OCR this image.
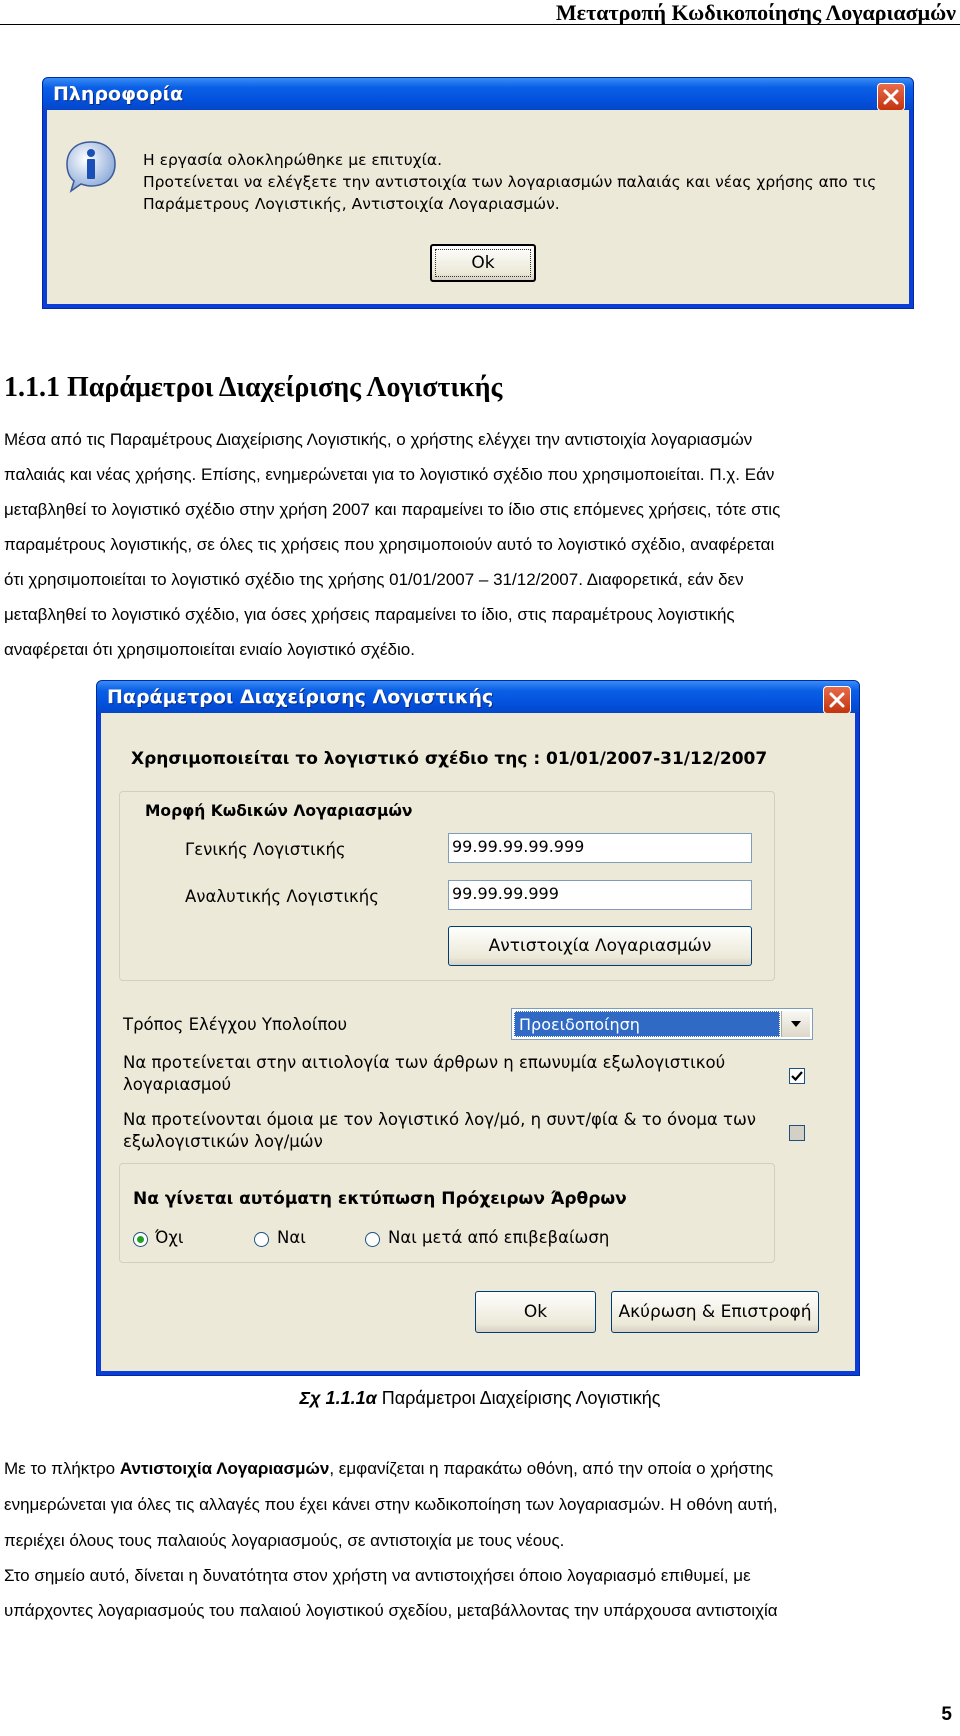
Μετατροπή Κωδικοποίησης Λογαριασμών
Πληροφορία
Η εργασία ολοκληρώθηκε με επιτυχία.
Προτείνεται να ελέγξετε την αντιστοιχία των λογαριασμών παλαιάς και νέας χρήσης απο τις
Παράμετρους Λογιστικής, Αντιστοιχία Λογαριασμών.
Ok
1.1.1 Παράμετροι Διαχείρισης Λογιστικής
Μέσα από τις Παραμέτρους Διαχείρισης Λογιστικής, ο χρήστης ελέγχει την αντιστοιχία λογαριασμών
παλαιάς και νέας χρήσης. Επίσης, ενημερώνεται για το λογιστικό σχέδιο που χρησιμοποιείται. Π.χ. Εάν
μεταβληθεί το λογιστικό σχέδιο στην χρήση 2007 και παραμείνει το ίδιο στις επόμενες χρήσεις, τότε στις
παραμέτρους λογιστικής, σε όλες τις χρήσεις που χρησιμοποιούν αυτό το λογιστικό σχέδιο, αναφέρεται
ότι χρησιμοποιείται το λογιστικό σχέδιο της χρήσης 01/01/2007 – 31/12/2007. Διαφορετικά, εάν δεν
μεταβληθεί το λογιστικό σχέδιο, για όσες χρήσεις παραμείνει το ίδιο, στις παραμέτρους λογιστικής
αναφέρεται ότι χρησιμοποιείται ενιαίο λογιστικό σχέδιο.
Παράμετροι Διαχείρισης Λογιστικής
Χρησιμοποιείται το λογιστικό σχέδιο της : 01/01/2007-31/12/2007
Μορφή Κωδικών Λογαριασμών
Γενικής Λογιστικής	99.99.99.99.999
Αναλυτικής Λογιστικής	99.99.99.999
Αντιστοιχία Λογαριασμών
Τρόπος Ελέγχου Υπολοίπου	Προειδοποίηση
Να προτείνεται στην αιτιολογία των άρθρων η επωνυμία εξωλογιστικού
λογαριασμού
Να προτείνονται όμοια με τον λογιστικό λογ/μό, η συντ/φία & το όνομα των
εξωλογιστικών λογ/μών
Να γίνεται αυτόματη εκτύπωση Πρόχειρων Άρθρων
Όχι	Ναι	Ναι μετά από επιβεβαίωση
Ok	Ακύρωση & Επιστροφή
Σχ 1.1.1α Παράμετροι Διαχείρισης Λογιστικής
Με το πλήκτρο Αντιστοιχία Λογαριασμών, εμφανίζεται η παρακάτω οθόνη, από την οποία ο χρήστης
ενημερώνεται για όλες τις αλλαγές που έχει κάνει στην κωδικοποίηση των λογαριασμών. Η οθόνη αυτή,
περιέχει όλους τους παλαιούς λογαριασμούς, σε αντιστοιχία με τους νέους.
Στο σημείο αυτό, δίνεται η δυνατότητα στον χρήστη να αντιστοιχήσει όποιο λογαριασμό επιθυμεί, με
υπάρχοντες λογαριασμούς του παλαιού λογιστικού σχεδίου, μεταβάλλοντας την υπάρχουσα αντιστοιχία
5
